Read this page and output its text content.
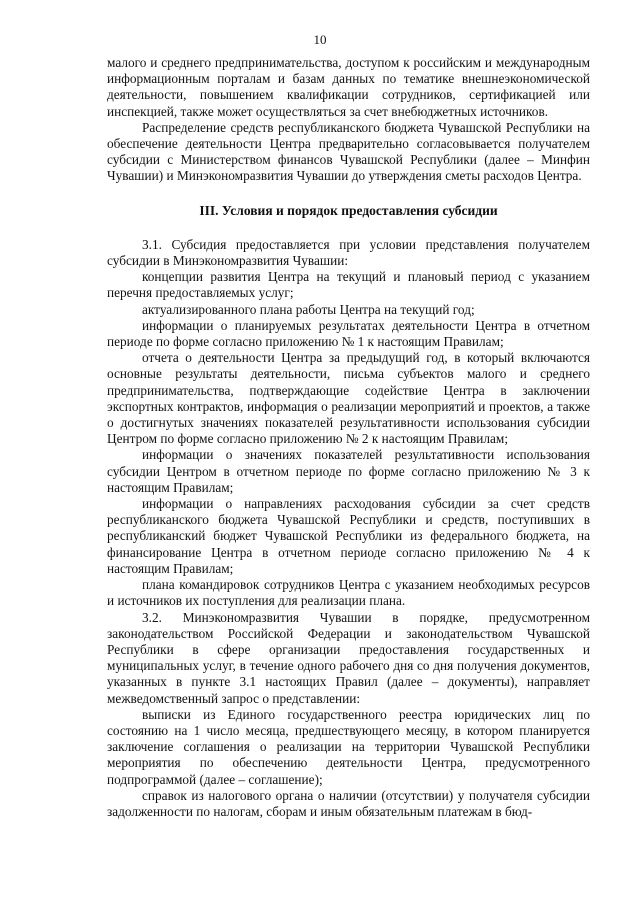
10

малого и среднего предпринимательства, доступом к российским и международным информационным порталам и базам данных по тематике внешнеэкономической деятельности, повышением квалификации сотрудников, сертификацией или инспекцией, также может осуществляться за счет внебюджетных источников.

Распределение средств республиканского бюджета Чувашской Республики на обеспечение деятельности Центра предварительно согласовывается получателем субсидии с Министерством финансов Чувашской Республики (далее – Минфин Чувашии) и Минэкономразвития Чувашии до утверждения сметы расходов Центра.

III. Условия и порядок предоставления субсидии

3.1. Субсидия предоставляется при условии представления получателем субсидии в Минэкономразвития Чувашии:

концепции развития Центра на текущий и плановый период с указанием перечня предоставляемых услуг;

актуализированного плана работы Центра на текущий год;

информации о планируемых результатах деятельности Центра в отчетном периоде по форме согласно приложению № 1 к настоящим Правилам;

отчета о деятельности Центра за предыдущий год, в который включаются основные результаты деятельности, письма субъектов малого и среднего предпринимательства, подтверждающие содействие Центра в заключении экспортных контрактов, информация о реализации мероприятий и проектов, а также о достигнутых значениях показателей результативности использования субсидии Центром по форме согласно приложению № 2 к настоящим Правилам;

информации о значениях показателей результативности использования субсидии Центром в отчетном периоде по форме согласно приложению № 3 к настоящим Правилам;

информации о направлениях расходования субсидии за счет средств республиканского бюджета Чувашской Республики и средств, поступивших в республиканский бюджет Чувашской Республики из федерального бюджета, на финансирование Центра в отчетном периоде согласно приложению № 4 к настоящим Правилам;

плана командировок сотрудников Центра с указанием необходимых ресурсов и источников их поступления для реализации плана.

3.2. Минэкономразвития Чувашии в порядке, предусмотренном законодательством Российской Федерации и законодательством Чувашской Республики в сфере организации предоставления государственных и муниципальных услуг, в течение одного рабочего дня со дня получения документов, указанных в пункте 3.1 настоящих Правил (далее – документы), направляет межведомственный запрос о представлении:

выписки из Единого государственного реестра юридических лиц по состоянию на 1 число месяца, предшествующего месяцу, в котором планируется заключение соглашения о реализации на территории Чувашской Республики мероприятия по обеспечению деятельности Центра, предусмотренного подпрограммой (далее – соглашение);

справок из налогового органа о наличии (отсутствии) у получателя субсидии задолженности по налогам, сборам и иным обязательным платежам в бюд-
